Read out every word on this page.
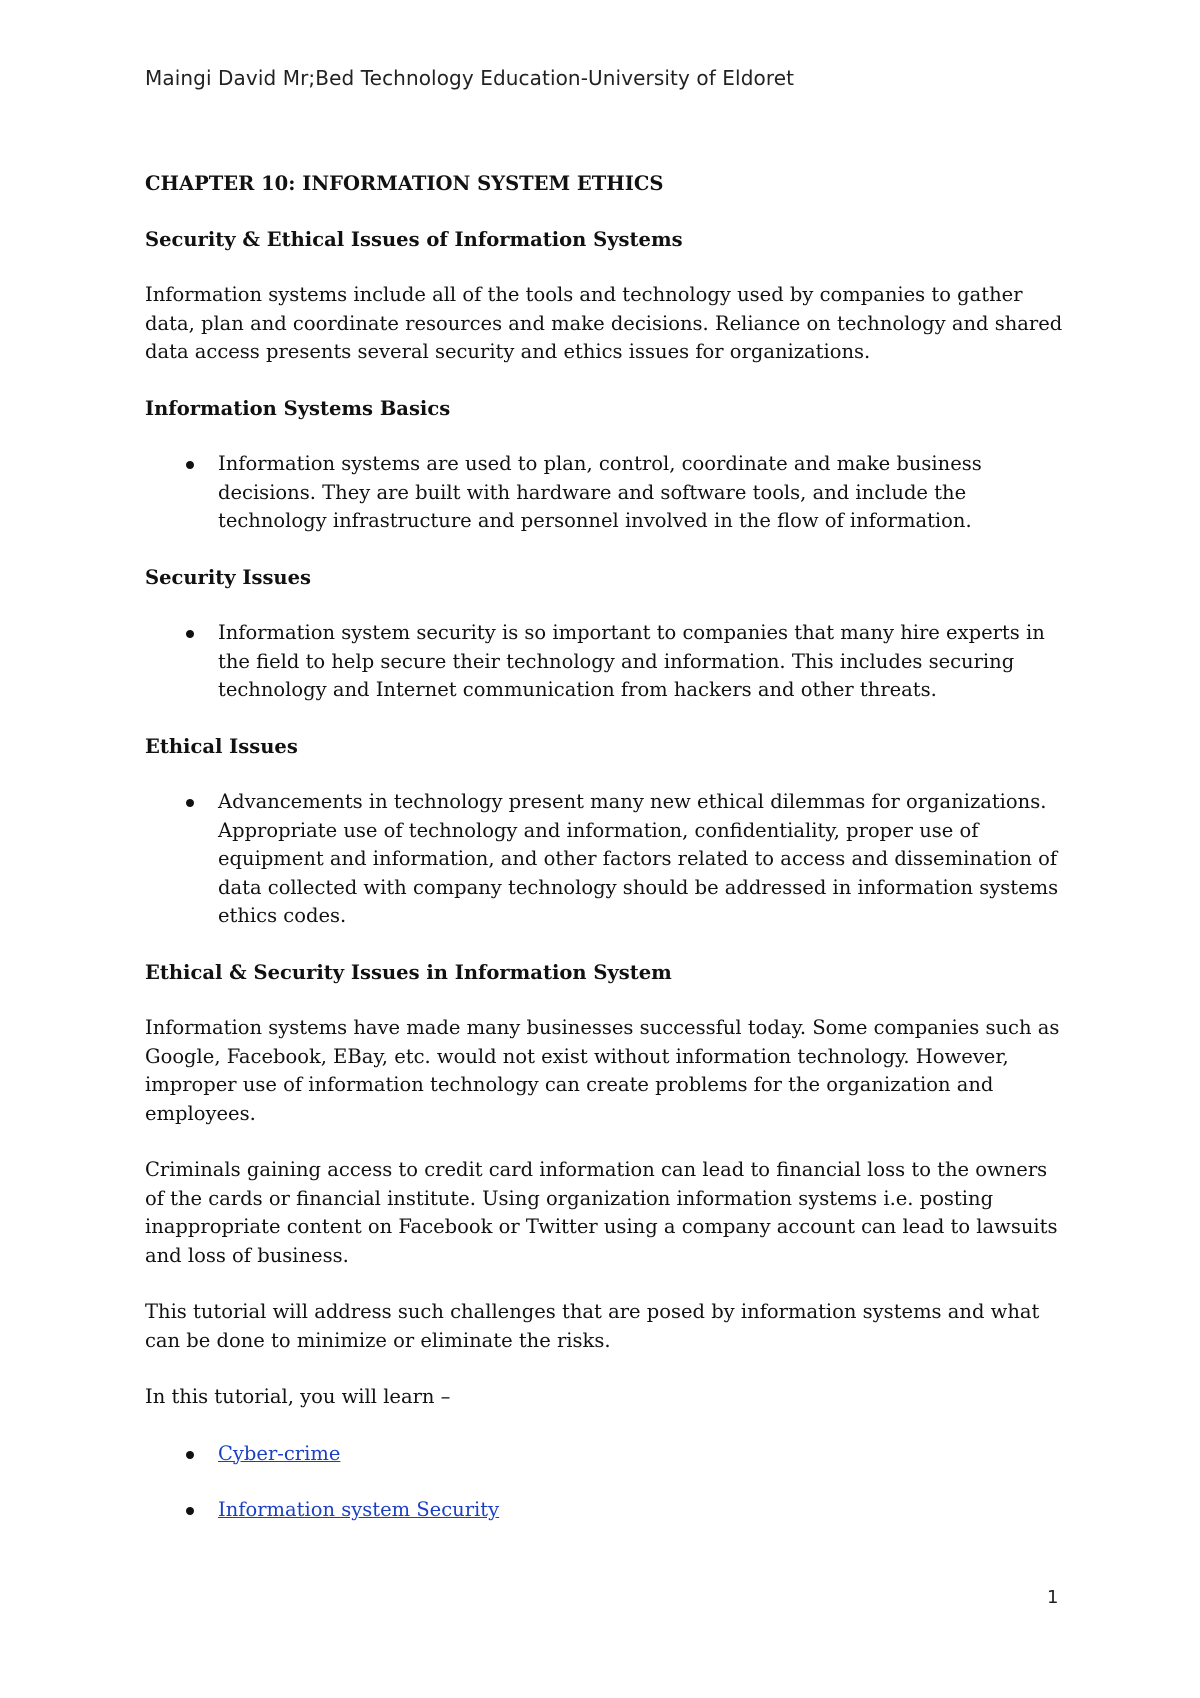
Maingi David Mr;Bed Technology Education-University of Eldoret
CHAPTER 10: INFORMATION SYSTEM ETHICS
Security & Ethical Issues of Information Systems

Information systems include all of the tools and technology used by companies to gather data, plan and coordinate resources and make decisions. Reliance on technology and shared data access presents several security and ethics issues for organizations.

Information Systems Basics
Information systems are used to plan, control, coordinate and make business decisions. They are built with hardware and software tools, and include the technology infrastructure and personnel involved in the flow of information.
Security Issues
Information system security is so important to companies that many hire experts in the field to help secure their technology and information. This includes securing technology and Internet communication from hackers and other threats.
Ethical Issues
Advancements in technology present many new ethical dilemmas for organizations. Appropriate use of technology and information, confidentiality, proper use of equipment and information, and other factors related to access and dissemination of data collected with company technology should be addressed in information systems ethics codes.
Ethical & Security Issues in Information System

Information systems have made many businesses successful today. Some companies such as Google, Facebook, EBay, etc. would not exist without information technology. However, improper use of information technology can create problems for the organization and employees.

Criminals gaining access to credit card information can lead to financial loss to the owners of the cards or financial institute. Using organization information systems i.e. posting inappropriate content on Facebook or Twitter using a company account can lead to lawsuits and loss of business.

This tutorial will address such challenges that are posed by information systems and what can be done to minimize or eliminate the risks.

In this tutorial, you will learn –

Cyber-crime
Information system Security
1
